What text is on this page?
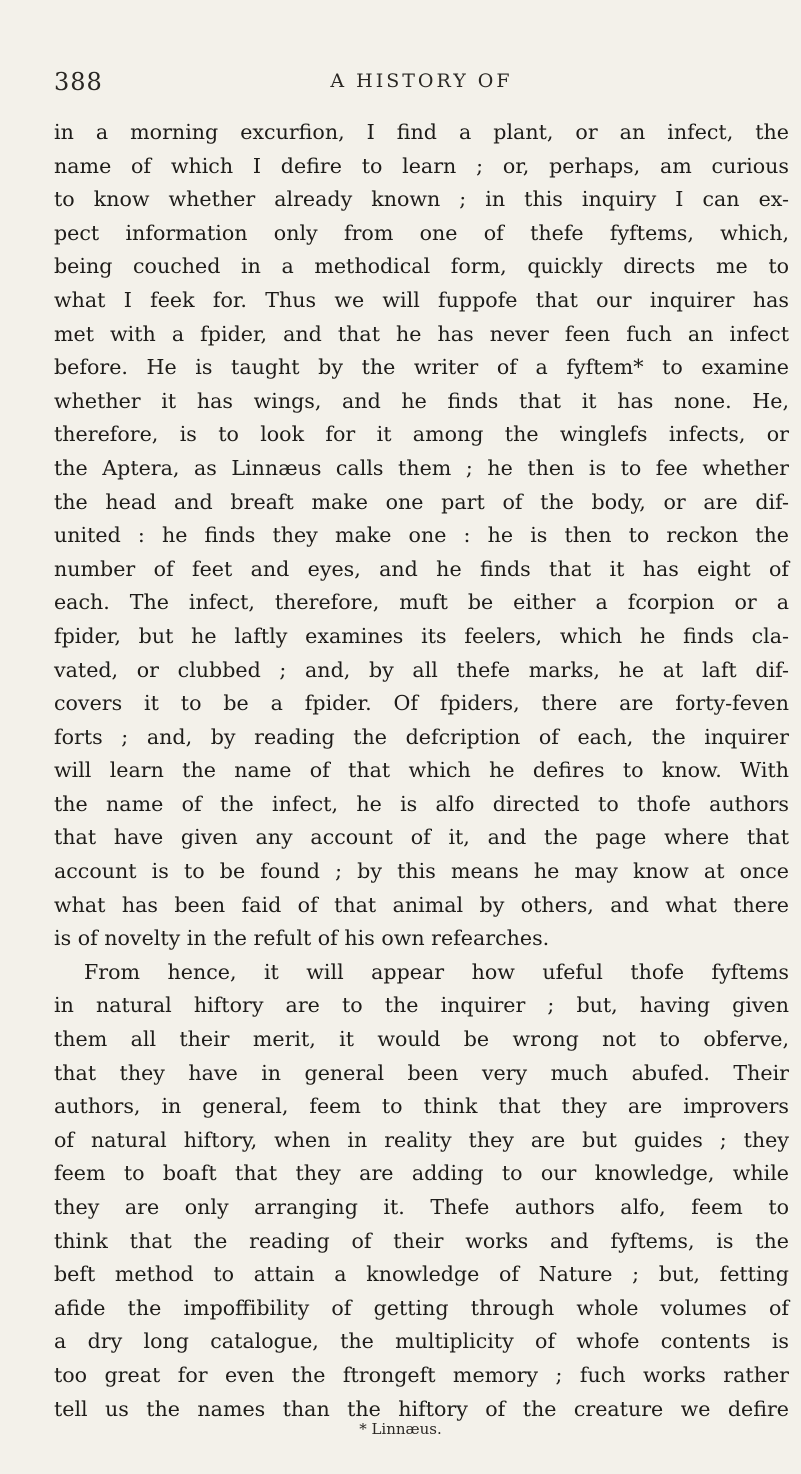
388	A HISTORY OF
in a morning excurfion, I find a plant, or an infect, the
name of which I defire to learn ; or, perhaps, am curious
to know whether already known ; in this inquiry I can ex-
pect information only from one of thefe fyftems, which,
being couched in a methodical form, quickly directs me to
what I feek for. Thus we will fuppofe that our inquirer has
met with a fpider, and that he has never feen fuch an infect
before. He is taught by the writer of a fyftem* to examine
whether it has wings, and he finds that it has none. He,
therefore, is to look for it among the winglefs infects, or
the Aptera, as Linnæus calls them ; he then is to fee whether
the head and breaft make one part of the body, or are dif-
united : he finds they make one : he is then to reckon the
number of feet and eyes, and he finds that it has eight of
each. The infect, therefore, muft be either a fcorpion or a
fpider, but he laftly examines its feelers, which he finds cla-
vated, or clubbed ; and, by all thefe marks, he at laft dif-
covers it to be a fpider. Of fpiders, there are forty-feven
forts ; and, by reading the defcription of each, the inquirer
will learn the name of that which he defires to know. With
the name of the infect, he is alfo directed to thofe authors
that have given any account of it, and the page where that
account is to be found ; by this means he may know at once
what has been faid of that animal by others, and what there
is of novelty in the refult of his own refearches.
From hence, it will appear how ufeful thofe fyftems
in natural hiftory are to the inquirer ; but, having given
them all their merit, it would be wrong not to obferve,
that they have in general been very much abufed. Their
authors, in general, feem to think that they are improvers
of natural hiftory, when in reality they are but guides ; they
feem to boaft that they are adding to our knowledge, while
they are only arranging it. Thefe authors alfo, feem to
think that the reading of their works and fyftems, is the
beft method to attain a knowledge of Nature ; but, fetting
afide the impoffibility of getting through whole volumes of
a dry long catalogue, the multiplicity of whofe contents is
too great for even the ftrongeft memory ; fuch works rather
tell us the names than the hiftory of the creature we defire
* Linnæus.
